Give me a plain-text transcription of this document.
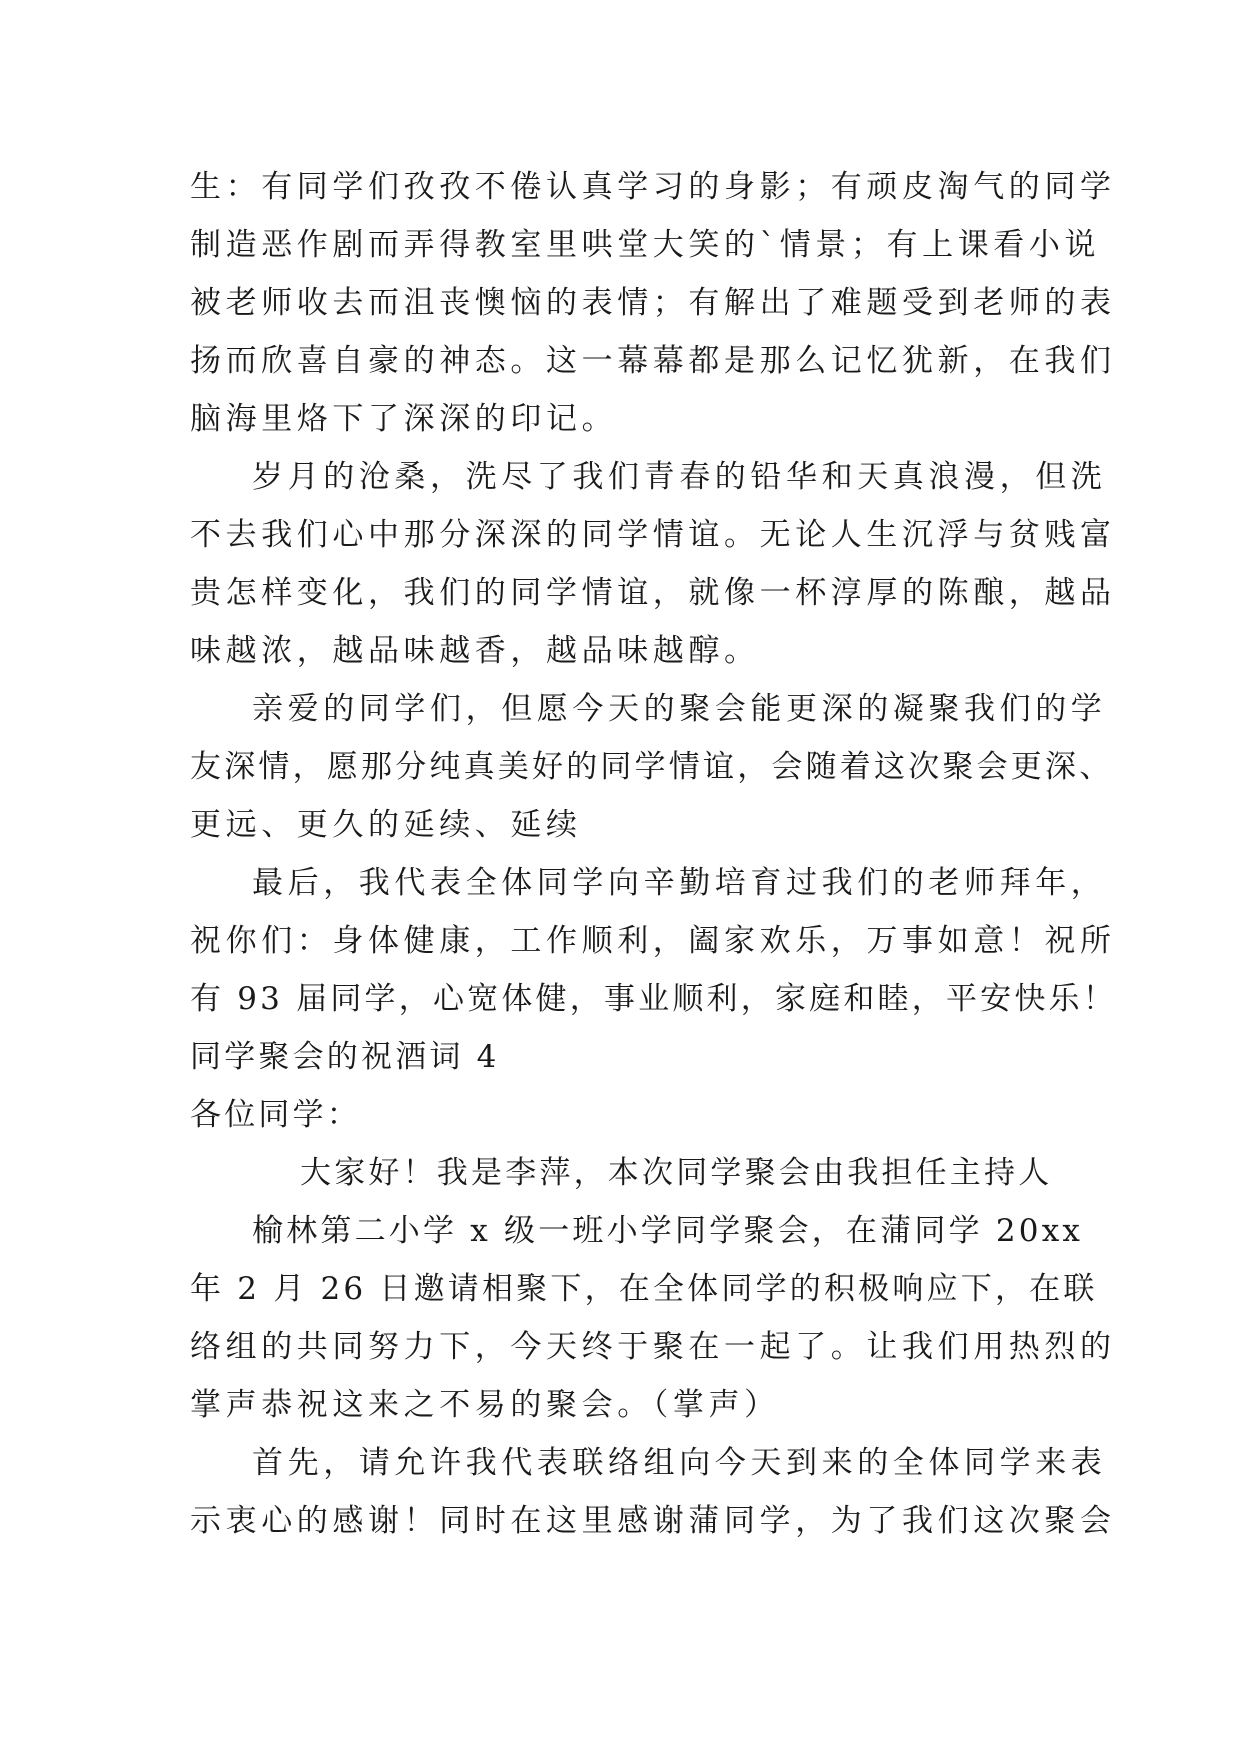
生：有同学们孜孜不倦认真学习的身影；有顽皮淘气的同学
制造恶作剧而弄得教室里哄堂大笑的`情景；有上课看小说
被老师收去而沮丧懊恼的表情；有解出了难题受到老师的表
扬而欣喜自豪的神态。这一幕幕都是那么记忆犹新，在我们
脑海里烙下了深深的印记。
岁月的沧桑，洗尽了我们青春的铅华和天真浪漫，但洗
不去我们心中那分深深的同学情谊。无论人生沉浮与贫贱富
贵怎样变化，我们的同学情谊，就像一杯淳厚的陈酿，越品
味越浓，越品味越香，越品味越醇。
亲爱的同学们，但愿今天的聚会能更深的凝聚我们的学
友深情，愿那分纯真美好的同学情谊，会随着这次聚会更深、
更远、更久的延续、延续
最后，我代表全体同学向辛勤培育过我们的老师拜年，
祝你们：身体健康，工作顺利，阖家欢乐，万事如意！祝所
有 93 届同学，心宽体健，事业顺利，家庭和睦，平安快乐！
同学聚会的祝酒词 4
各位同学：
大家好！我是李萍，本次同学聚会由我担任主持人
榆林第二小学 x 级一班小学同学聚会，在蒲同学 20xx
年 2 月 26 日邀请相聚下，在全体同学的积极响应下，在联
络组的共同努力下，今天终于聚在一起了。让我们用热烈的
掌声恭祝这来之不易的聚会。（掌声）
首先，请允许我代表联络组向今天到来的全体同学来表
示衷心的感谢！同时在这里感谢蒲同学，为了我们这次聚会
